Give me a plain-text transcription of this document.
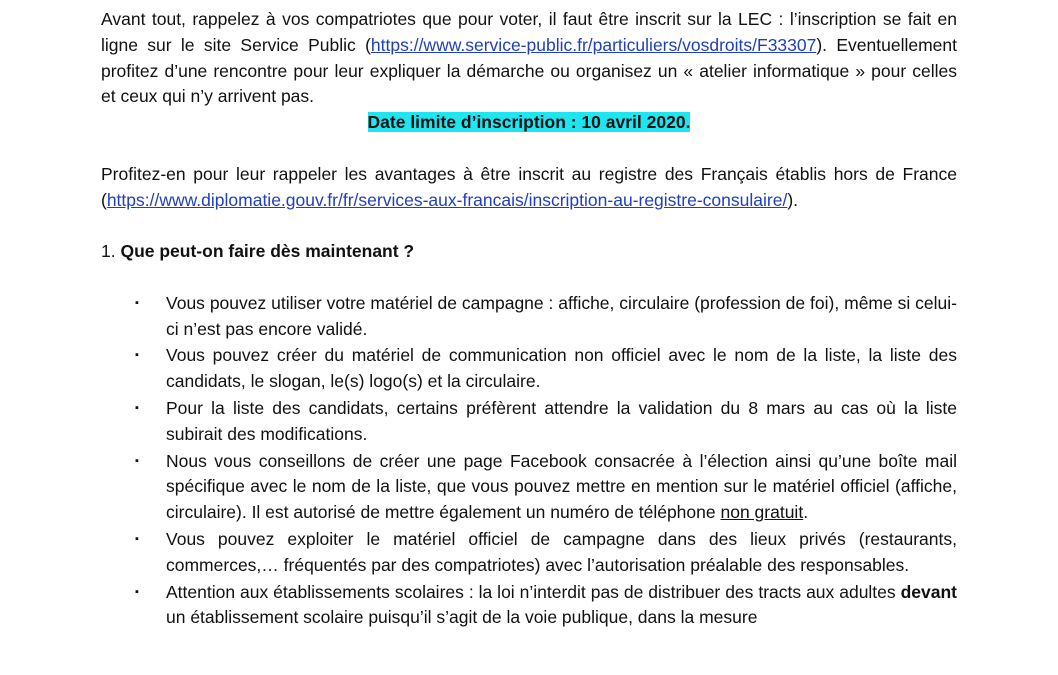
Avant tout, rappelez à vos compatriotes que pour voter, il faut être inscrit sur la LEC : l’inscription se fait en ligne sur le site Service Public (https://www.service-public.fr/particuliers/vosdroits/F33307). Eventuellement profitez d’une rencontre pour leur expliquer la démarche ou organisez un « atelier informatique » pour celles et ceux qui n’y arrivent pas.

Date limite d’inscription : 10 avril 2020.

Profitez-en pour leur rappeler les avantages à être inscrit au registre des Français établis hors de France (https://www.diplomatie.gouv.fr/fr/services-aux-francais/inscription-au-registre-consulaire/).

1. Que peut-on faire dès maintenant ?
▪ Vous pouvez utiliser votre matériel de campagne : affiche, circulaire (profession de foi), même si celui-ci n’est pas encore validé.
▪ Vous pouvez créer du matériel de communication non officiel avec le nom de la liste, la liste des candidats, le slogan, le(s) logo(s) et la circulaire.
▪ Pour la liste des candidats, certains préfèrent attendre la validation du 8 mars au cas où la liste subirait des modifications.
▪ Nous vous conseillons de créer une page Facebook consacrée à l’élection ainsi qu’une boîte mail spécifique avec le nom de la liste, que vous pouvez mettre en mention sur le matériel officiel (affiche, circulaire). Il est autorisé de mettre également un numéro de téléphone non gratuit.
▪ Vous pouvez exploiter le matériel officiel de campagne dans des lieux privés (restaurants, commerces,… fréquentés par des compatriotes) avec l’autorisation préalable des responsables.
▪ Attention aux établissements scolaires : la loi n’interdit pas de distribuer des tracts aux adultes devant un établissement scolaire puisqu’il s’agit de la voie publique, dans la mesure
